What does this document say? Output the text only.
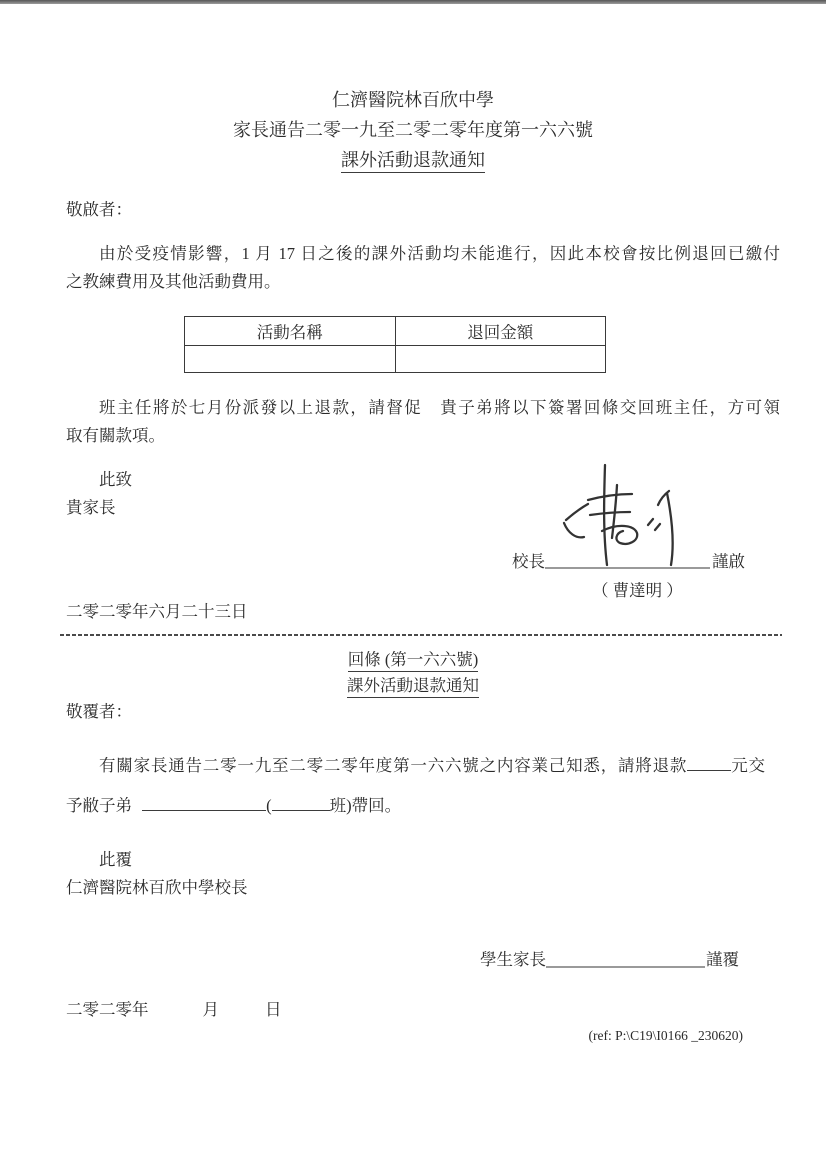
仁濟醫院林百欣中學
家長通告二零一九至二零二零年度第一六六號
課外活動退款通知
敬啟者：
由於受疫情影響，1 月 17 日之後的課外活動均未能進行，因此本校會按比例退回已繳付
之教練費用及其他活動費用。
活動名稱	退回金額

班主任將於七月份派發以上退款，請督促　貴子弟將以下簽署回條交回班主任，方可領
取有關款項。
此致
貴家長
校長	謹啟
（ 曹達明 ）
二零二零年六月二十三日
回條 (第一六六號)
課外活動退款通知
敬覆者：
有關家長通告二零一九至二零二零年度第一六六號之内容業己知悉，請將退款	元交
予敝子弟	(	班)帶回。
此覆
仁濟醫院林百欣中學校長
學生家長	謹覆
二零二零年	月	日
(ref: P:\C19\I0166 _230620)
